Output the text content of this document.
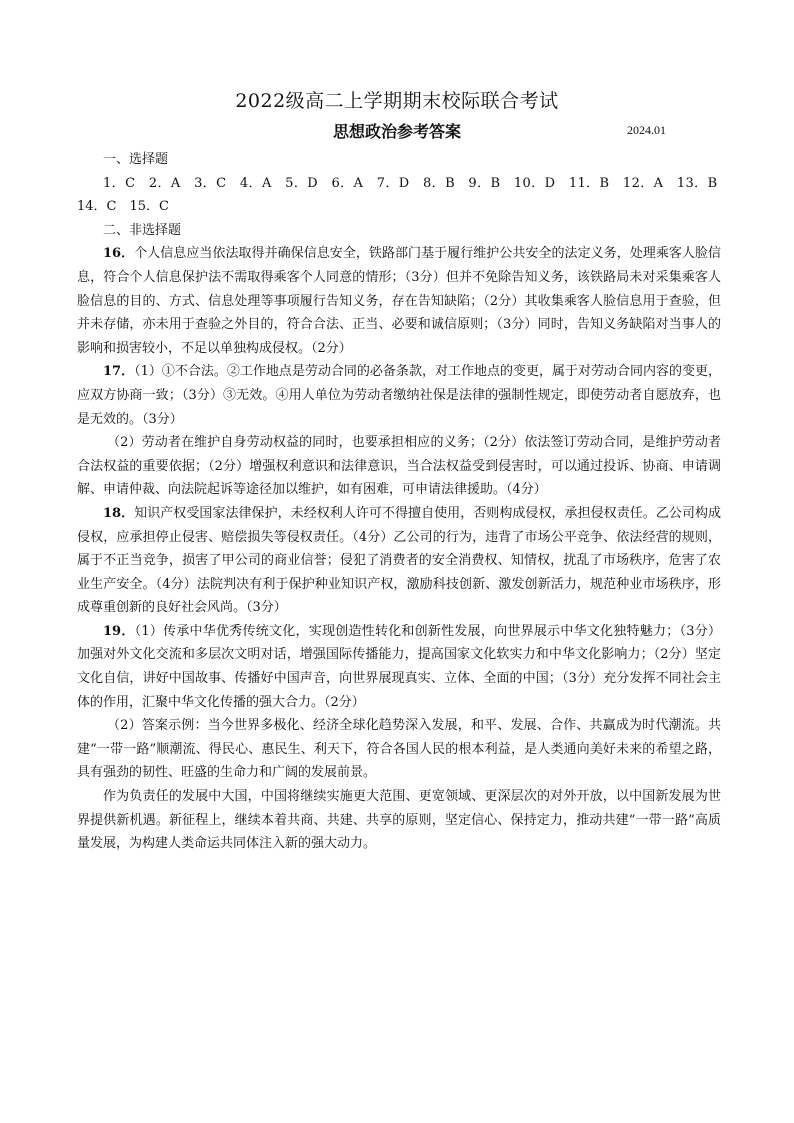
2022级高二上学期期末校际联合考试
思想政治参考答案	2024.01

一、选择题

1．C　2．A　3．C　4．A　5．D　6．A　7．D　8．B　9．B　10．D　11．B　12．A　13．B

14．C　15．C

二、非选择题

16．个人信息应当依法取得并确保信息安全，铁路部门基于履行维护公共安全的法定义务，处理乘客人脸信息，符合个人信息保护法不需取得乘客个人同意的情形；（3分）但并不免除告知义务，该铁路局未对采集乘客人脸信息的目的、方式、信息处理等事项履行告知义务，存在告知缺陷；（2分）其收集乘客人脸信息用于查验，但并未存储，亦未用于查验之外目的，符合合法、正当、必要和诚信原则；（3分）同时，告知义务缺陷对当事人的影响和损害较小，不足以单独构成侵权。（2分）

17．（1）①不合法。②工作地点是劳动合同的必备条款，对工作地点的变更，属于对劳动合同内容的变更，应双方协商一致；（3分）③无效。④用人单位为劳动者缴纳社保是法律的强制性规定，即使劳动者自愿放弃，也是无效的。（3分）

（2）劳动者在维护自身劳动权益的同时，也要承担相应的义务；（2分）依法签订劳动合同，是维护劳动者合法权益的重要依据；（2分）增强权利意识和法律意识，当合法权益受到侵害时，可以通过投诉、协商、申请调解、申请仲裁、向法院起诉等途径加以维护，如有困难，可申请法律援助。（4分）

18．知识产权受国家法律保护，未经权利人许可不得擅自使用，否则构成侵权，承担侵权责任。乙公司构成侵权，应承担停止侵害、赔偿损失等侵权责任。（4分）乙公司的行为，违背了市场公平竞争、依法经营的规则，属于不正当竞争，损害了甲公司的商业信誉；侵犯了消费者的安全消费权、知情权，扰乱了市场秩序，危害了农业生产安全。（4分）法院判决有利于保护种业知识产权，激励科技创新、激发创新活力，规范种业市场秩序，形成尊重创新的良好社会风尚。（3分）

19．（1）传承中华优秀传统文化，实现创造性转化和创新性发展，向世界展示中华文化独特魅力；（3分）加强对外文化交流和多层次文明对话，增强国际传播能力，提高国家文化软实力和中华文化影响力；（2分）坚定文化自信，讲好中国故事、传播好中国声音，向世界展现真实、立体、全面的中国；（3分）充分发挥不同社会主体的作用，汇聚中华文化传播的强大合力。（2分）

（2）答案示例：当今世界多极化、经济全球化趋势深入发展，和平、发展、合作、共赢成为时代潮流。共建“一带一路”顺潮流、得民心、惠民生、利天下，符合各国人民的根本利益，是人类通向美好未来的希望之路，具有强劲的韧性、旺盛的生命力和广阔的发展前景。

作为负责任的发展中大国，中国将继续实施更大范围、更宽领域、更深层次的对外开放，以中国新发展为世界提供新机遇。新征程上，继续本着共商、共建、共享的原则，坚定信心、保持定力，推动共建“一带一路”高质量发展，为构建人类命运共同体注入新的强大动力。
